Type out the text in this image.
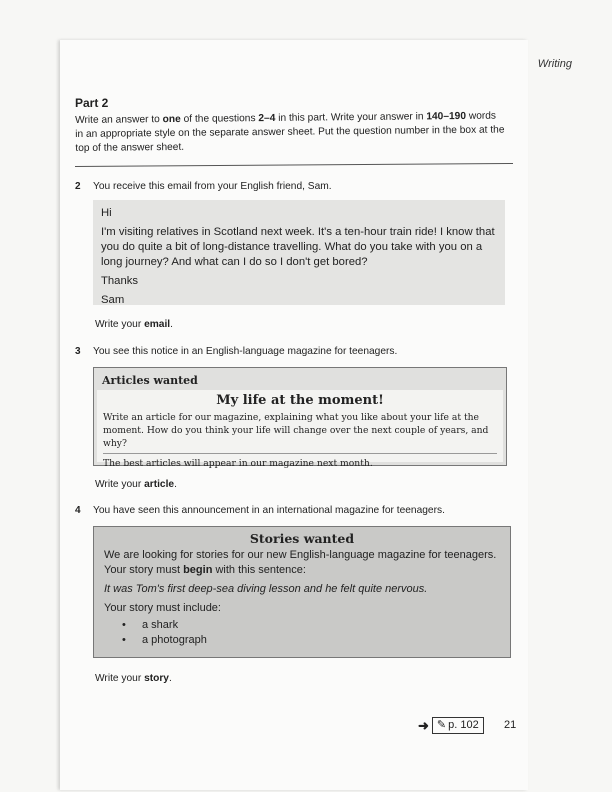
Writing
Part 2
Write an answer to one of the questions 2–4 in this part. Write your answer in 140–190 words in an appropriate style on the separate answer sheet. Put the question number in the box at the top of the answer sheet.
2 You receive this email from your English friend, Sam.

Hi

I'm visiting relatives in Scotland next week. It's a ten-hour train ride! I know that you do quite a bit of long-distance travelling. What do you take with you on a long journey? And what can I do so I don't get bored?

Thanks

Sam

Write your email.
3 You see this notice in an English-language magazine for teenagers.
Articles wanted
My life at the moment!

Write an article for our magazine, explaining what you like about your life at the moment. How do you think your life will change over the next couple of years, and why?

The best articles will appear in our magazine next month.

Write your article.
4 You have seen this announcement in an international magazine for teenagers.
Stories wanted

We are looking for stories for our new English-language magazine for teenagers.

Your story must begin with this sentence:

It was Tom's first deep-sea diving lesson and he felt quite nervous.

Your story must include:

• a shark
• a photograph
Write your story.
➜ ✎ p. 102 21
